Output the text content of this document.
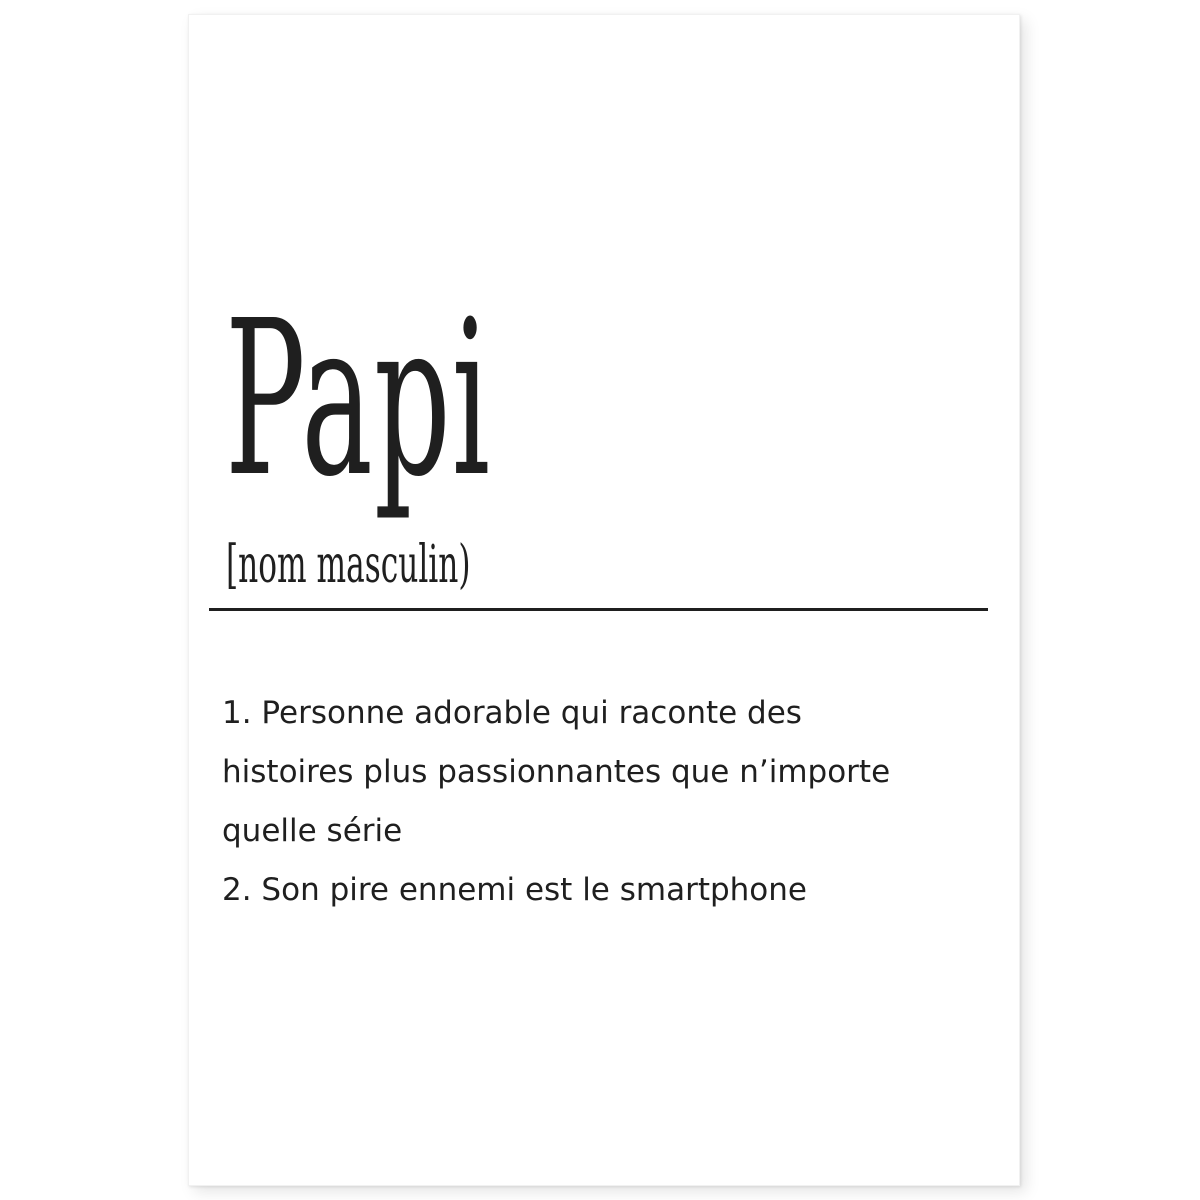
Papi
[nom masculin)
1. Personne adorable qui raconte des
histoires plus passionnantes que n’importe
quelle série
2. Son pire ennemi est le smartphone
